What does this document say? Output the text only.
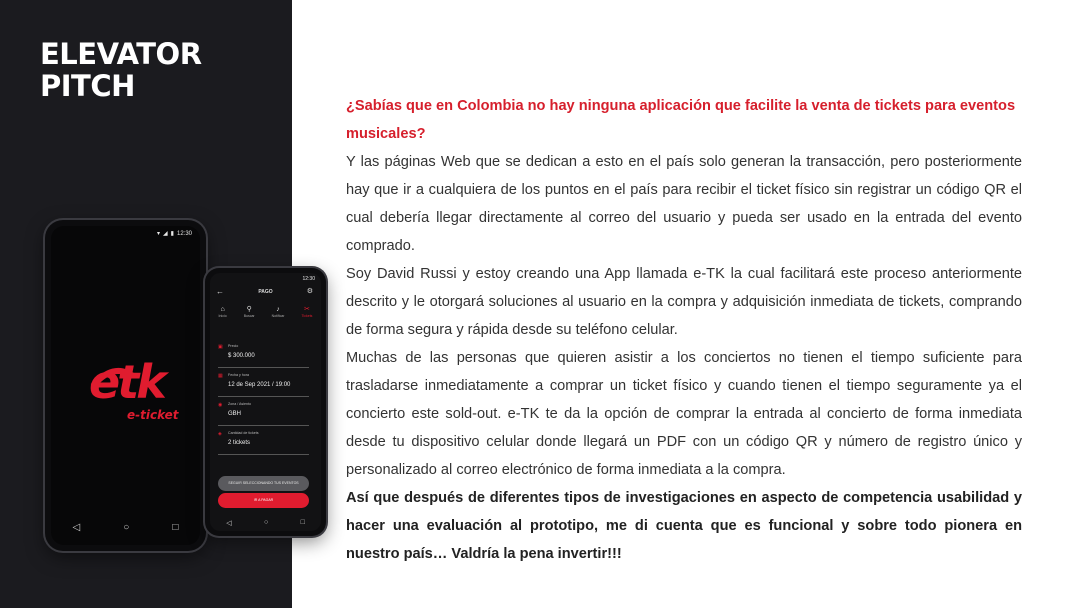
ELEVATOR PITCH
▾ ◢ ▮ 12:30
etk
e-ticket
◁	○	□
12:30
←	PAGO	⚙
⌂
Inicio
⚲
Buscar
♪
Notificar
✂
Tickets
▣ Precio
$ 300.000
▦ Fecha y hora
12 de Sep 2021 / 19:00
◉ Zona / Asiento
GBH
◈ Cantidad de tickets
2 tickets
SEGUIR SELECCIONANDO TUS EVENTOS
IR A PAGAR
◁	○	□

¿Sabías que en Colombia no hay ninguna aplicación que facilite la venta de tickets para eventos musicales?

Y las páginas Web que se dedican a esto en el país solo generan la transacción, pero posteriormente hay que ir a cualquiera de los puntos en el país para recibir el ticket físico sin registrar un código QR el cual debería llegar directamente al correo del usuario y pueda ser usado en la entrada del evento comprado.

Soy David Russi y estoy creando una App llamada e-TK la cual facilitará este proceso anteriormente descrito y le otorgará soluciones al usuario en la compra y adquisición inmediata de tickets, comprando de forma segura y rápida desde su teléfono celular.

Muchas de las personas que quieren asistir a los conciertos no tienen el tiempo suficiente para trasladarse inmediatamente a comprar un ticket físico y cuando tienen el tiempo seguramente ya el concierto este sold-out. e-TK te da la opción de comprar la entrada al concierto de forma inmediata desde tu dispositivo celular donde llegará un PDF con un código QR y número de registro único y personalizado al correo electrónico de forma inmediata a la compra.

Así que después de diferentes tipos de investigaciones en aspecto de competencia usabilidad y hacer una evaluación al prototipo, me di cuenta que es funcional y sobre todo pionera en nuestro país… Valdría la pena invertir!!!
